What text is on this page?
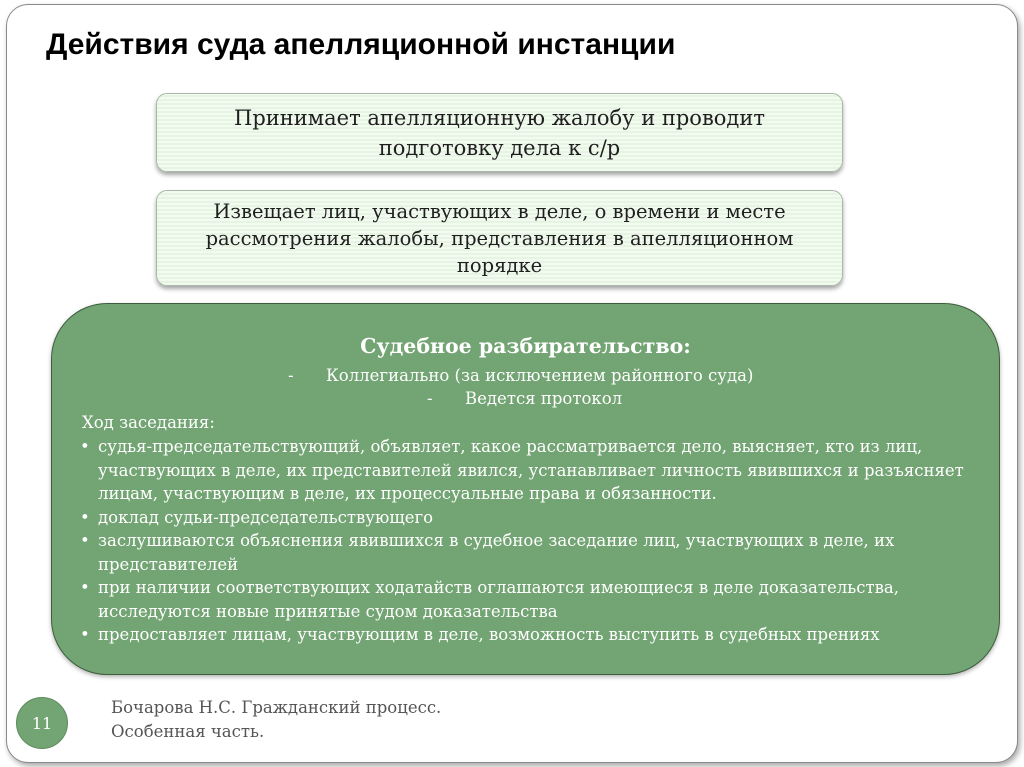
Действия суда апелляционной инстанции
Принимает апелляционную жалобу и проводит подготовку дела к с/р
Извещает лиц, участвующих в деле, о времени и месте рассмотрения жалобы, представления в апелляционном порядке
Судебное разбирательство:
- Коллегиально (за исключением районного суда)
- Ведется протокол
Ход заседания:
• судья-председательствующий, объявляет, какое рассматривается дело, выясняет, кто из лиц, участвующих в деле, их представителей явился, устанавливает личность явившихся и разъясняет лицам, участвующим в деле, их процессуальные права и обязанности.
• доклад судьи-председательствующего
• заслушиваются объяснения явившихся в судебное заседание лиц, участвующих в деле, их представителей
• при наличии соответствующих ходатайств оглашаются имеющиеся в деле доказательства, исследуются новые принятые судом доказательства
• предоставляет лицам, участвующим в деле, возможность выступить в судебных прениях
11
Бочарова Н.С. Гражданский процесс.
Особенная часть.
